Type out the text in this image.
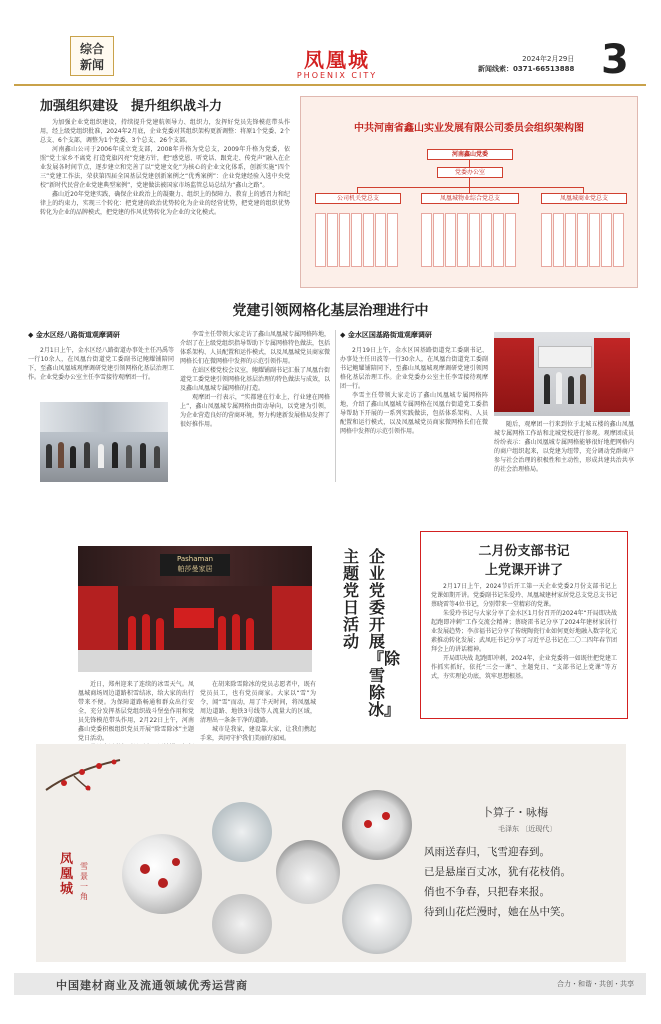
综合
新闻	凤凰城
PHOENIX CITY
2024年2月29日
新闻线索：0371-66513888 3
加强组织建设　提升组织战斗力

为加强企业党组织建设，持续提升党建航领导力、组织力，发挥好党员先锋模范带头作用，经上级党组织批准，2024年2月底，企业党委对其组织架构更新调整：将原1个党委、2个总支、6个支部，调整为1个党委、3个总支、26个支部。

河南鑫山公司于2006年成立党支部，2008年升格为党总支，2009年升格为党委，依照“党土家乡不离党 打造党旗闪亮”党建方针，把“感党恩、听党话、跟党走、传党声”融入在企业发展各时间节点，逐步建立和完善了以“党建文化”为核心的企业文化体系，创新实施“四个三”党建工作法，荣获第四届全国基层党建创新案例之“优秀案例”：企业党建经验入选中央党校“新时代民营企业党建典型案例”，党建做法被国家市场监管总局总结为“鑫山之路”。

鑫山近20年党建实践，确保企业政治上的凝聚力、组织上的保障力、教育上的感召力和纪律上的约束力，实现三个转化：把党建的政治优势转化为企业的经营优势，把党建的组织优势转化为企业的品牌模式，把党建的作风优势转化为企业的文化模式。

中共河南省鑫山实业发展有限公司委员会组织架构图
河南鑫山党委
党委办公室
公司机关党总支	凤凰城物业综合党总支	凤凰城商业党总支
党建引领网格化基层治理进行中
◆ 金水区经八路街道观摩调研

2月1日上午，金水区经八路街道办事处主任冯禹等一行10余人，在凤凰台街道党工委副书记鲍耀铺陪同下，至鑫山凤凰城观摩调研党建引领网格化基层治理工作。企业党委办公室主任李雪接待观摩团一行。

李雪主任带领大家走访了鑫山凤凰城专属网格阵地，介绍了在上级党组织指导帮助下专属网格特色做法，包括体系架构、人员配置和运作模式，以及凤凰城党员商家微网格长们在微网格中发挥的示范引领作用。

在站区楼党校会议室，鲍耀铺副书记汇报了凤凰台街道党工委党建引领网格化基层治理的特色做法与成效，以及鑫山凤凰城专属网格的打造。

观摩团一行表示，“实都建在行业上，行业建在网格上”，鑫山凤凰城专属网格由街动导向，以党建为引领，为企业营造良好的营商环境，努力构建新发展格局发挥了很好推作用。

◆ 金水区国基路街道观摩调研

2月19日上午，金水区国基路街道党工委副书记、办事处主任田波等一行30余人，在凤凰台街道党工委副书记鲍耀铺陪同下，至鑫山凤凰城观摩调研党建引领网格化基层治理工作。企业党委办公室主任李雪接待观摩团一行。

李雪主任带领大家走访了鑫山凤凰城专属网格阵地，介绍了鑫山凤凰城专属网格在凤凰台街道党工委指导帮助下开展的一系列实践做法，包括体系架构、人员配置和运行模式，以及凤凰城党员商家微网格长们在微网格中发挥的示范引领作用。

随后，观摩团一行来到位于北城五楼的鑫山凤凰城专属网格工作站和北城党校进行参观。观摩团成员纷纷表示：鑫山凤凰城专属网格能够很好地把网格内的商户组织起来，以党建为纽带，充分调动党群商户参与社会治理的积极性和主动性，形成共建共治共享的社会治理格局。

Pashaman
帕莎曼家居
企业党委开展『除雪除冰』
主题党日活动

近日，郑州迎来了连续的冰雪天气。凤凰城商场周边道路积雪结冰，给大家的出行带来不便。为保障道路畅通和群众出行安全，充分发挥基层党组织战斗堡垒作用和党员先锋模范带头作用，2月22日上午，河南鑫山党委积极组织党员开展“除雪除冰”主题党日活动。

在胡来除雪除冰的党员志愿者中，既有党员员工，也有党员商家。大家以“雪”为令，闻“雪”而动，用了半天时间，将凤凰城周边道路、地铁3号线等人流量大的区域，清理出一条条干净的道路。

城市是我家，建设靠大家，让我们携起手来，共同守护我们美丽的家园。

二月份支部书记
上党课开讲了

2月17日上午，2024节后开工第一天企业党委2月份支部书记上党课如期开讲。党委副书记朱爱玲、凤凰城建材家居党总支党总支书记蔡晓雷等4位书记，分别带来一堂精彩的党课。

朱爱玲书记与大家分享了金水区1月份召开的2024年“开局即决战 起跑即冲刺”工作交流会精神；蔡晓雷书记分享了2024年建材家居行业发展趋势；李彦福书记分享了传统陶瓷行业如何更好地融入数字化元素推动转化发展；武凤旺书记分享了习近平总书记在二〇二四年春节团拜会上的讲话精神。

开局即决战 起跑即冲刺，2024年，企业党委将一如既往把党建工作抓实抓好，依托“三会一课”、主题党日、“支部书记上党课”等方式，夯实理论功底，筑牢思想根基。

凤凰城
雪景一角
卜算子・咏梅
毛泽东 〔近现代〕
风雨送春归，飞雪迎春到。
已是悬崖百丈冰，犹有花枝俏。
俏也不争春，只把春来报。
待到山花烂漫时，她在丛中笑。
中国建材商业及流通领域优秀运营商	合力・和谐・共创・共享
